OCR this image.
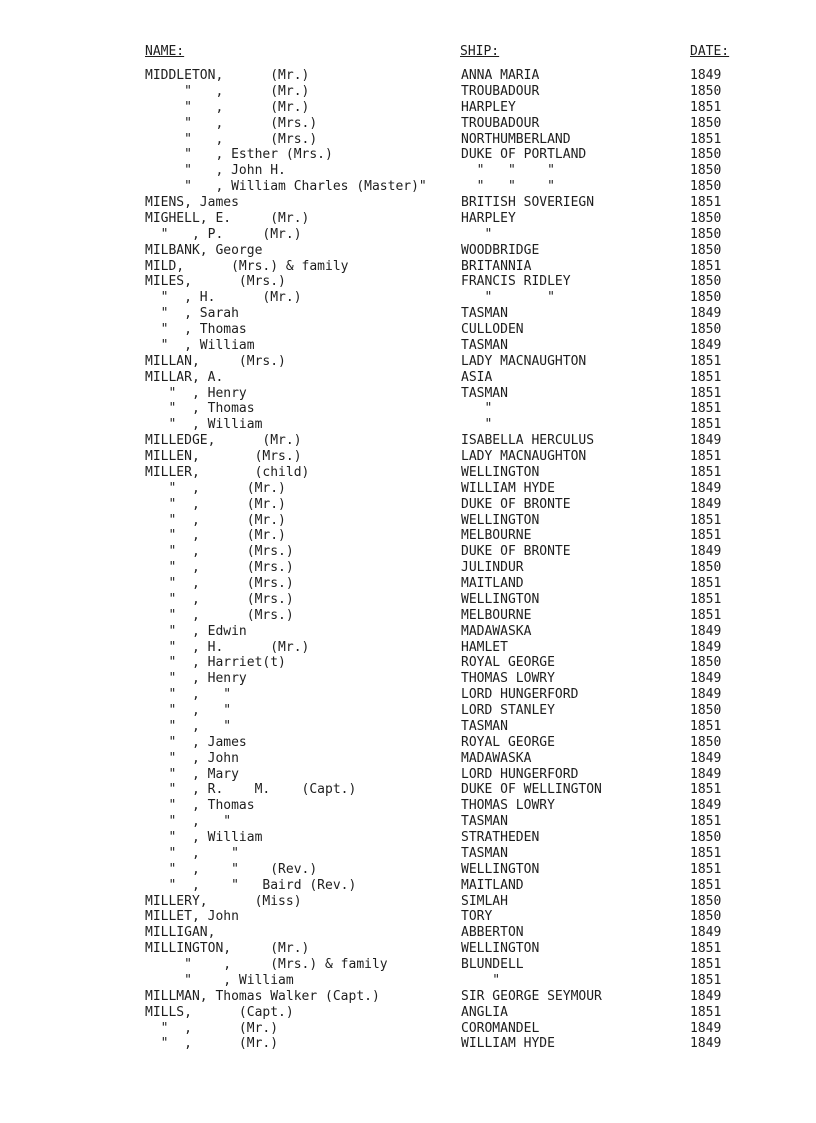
NAME:	SHIP:	DATE:
MIDDLETON,      (Mr.)	ANNA MARIA	1849
"   ,      (Mr.)	TROUBADOUR	1850
"   ,      (Mr.)	HARPLEY	1851
"   ,      (Mrs.)	TROUBADOUR	1850
"   ,      (Mrs.)	NORTHUMBERLAND	1851
"   , Esther (Mrs.)	DUKE OF PORTLAND	1850
"   , John H.	"   "    "	1850
"   , William Charles (Master)"	"   "    "	1850
MIENS, James	BRITISH SOVERIEGN	1851
MIGHELL, E.     (Mr.)	HARPLEY	1850
"   , P.     (Mr.)	"	1850
MILBANK, George	WOODBRIDGE	1850
MILD,      (Mrs.) & family	BRITANNIA	1851
MILES,      (Mrs.)	FRANCIS RIDLEY	1850
"  , H.      (Mr.)	"       "	1850
"  , Sarah	TASMAN	1849
"  , Thomas	CULLODEN	1850
"  , William	TASMAN	1849
MILLAN,     (Mrs.)	LADY MACNAUGHTON	1851
MILLAR, A.	ASIA	1851
"  , Henry	TASMAN	1851
"  , Thomas	"	1851
"  , William	"	1851
MILLEDGE,      (Mr.)	ISABELLA HERCULUS	1849
MILLEN,       (Mrs.)	LADY MACNAUGHTON	1851
MILLER,       (child)	WELLINGTON	1851
"  ,      (Mr.)	WILLIAM HYDE	1849
"  ,      (Mr.)	DUKE OF BRONTE	1849
"  ,      (Mr.)	WELLINGTON	1851
"  ,      (Mr.)	MELBOURNE	1851
"  ,      (Mrs.)	DUKE OF BRONTE	1849
"  ,      (Mrs.)	JULINDUR	1850
"  ,      (Mrs.)	MAITLAND	1851
"  ,      (Mrs.)	WELLINGTON	1851
"  ,      (Mrs.)	MELBOURNE	1851
"  , Edwin	MADAWASKA	1849
"  , H.      (Mr.)	HAMLET	1849
"  , Harriet(t)	ROYAL GEORGE	1850
"  , Henry	THOMAS LOWRY	1849
"  ,   "	LORD HUNGERFORD	1849
"  ,   "	LORD STANLEY	1850
"  ,   "	TASMAN	1851
"  , James	ROYAL GEORGE	1850
"  , John	MADAWASKA	1849
"  , Mary	LORD HUNGERFORD	1849
"  , R.    M.    (Capt.)	DUKE OF WELLINGTON	1851
"  , Thomas	THOMAS LOWRY	1849
"  ,   "	TASMAN	1851
"  , William	STRATHEDEN	1850
"  ,    "	TASMAN	1851
"  ,    "    (Rev.)	WELLINGTON	1851
"  ,    "   Baird (Rev.)	MAITLAND	1851
MILLERY,      (Miss)	SIMLAH	1850
MILLET, John	TORY	1850
MILLIGAN,	ABBERTON	1849
MILLINGTON,     (Mr.)	WELLINGTON	1851
"    ,     (Mrs.) & family	BLUNDELL	1851
"    , William	"	1851
MILLMAN, Thomas Walker (Capt.)	SIR GEORGE SEYMOUR	1849
MILLS,      (Capt.)	ANGLIA	1851
"  ,      (Mr.)	COROMANDEL	1849
"  ,      (Mr.)	WILLIAM HYDE	1849
